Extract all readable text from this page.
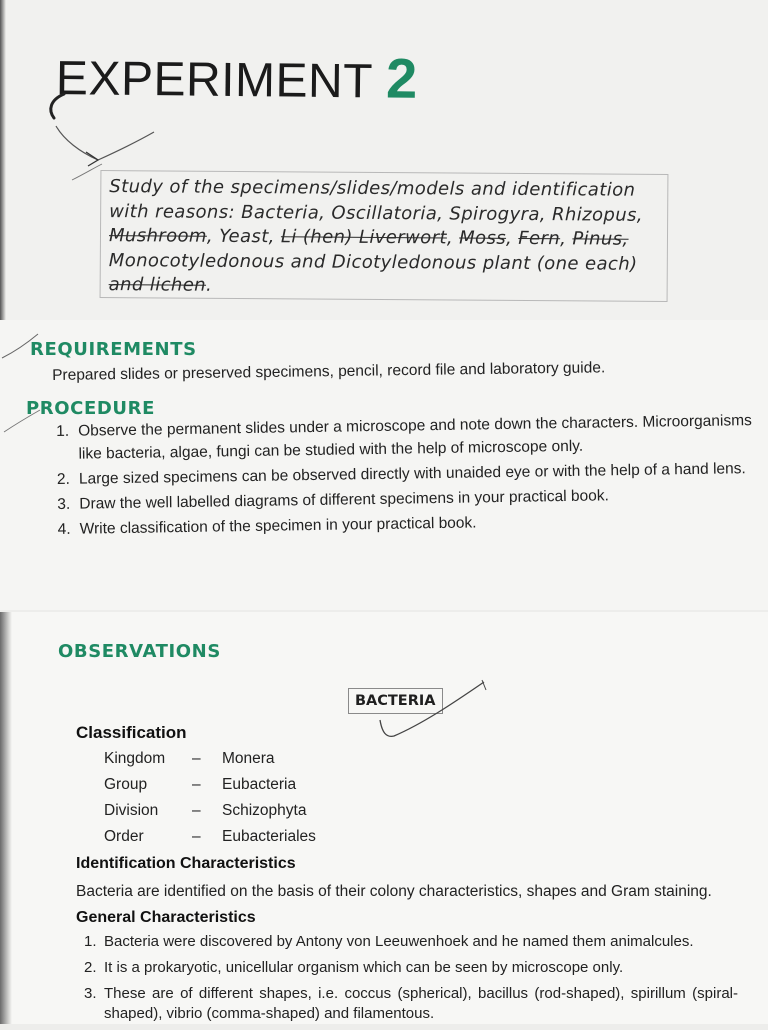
EXPERIMENT 2
Study of the specimens/slides/models and identification
with reasons: Bacteria, Oscillatoria, Spirogyra, Rhizopus,
Mushroom, Yeast, Li (hen) Liverwort, Moss, Fern, Pinus,
Monocotyledonous and Dicotyledonous plant (one each)
and lichen.
REQUIREMENTS

Prepared slides or preserved specimens, pencil, record file and laboratory guide.

PROCEDURE
1. Observe the permanent slides under a microscope and note down the characters. Microorganisms like bacteria, algae, fungi can be studied with the help of microscope only.
2. Large sized specimens can be observed directly with unaided eye or with the help of a hand lens.
3. Draw the well labelled diagrams of different specimens in your practical book.
4. Write classification of the specimen in your practical book.
OBSERVATIONS
BACTERIA
Classification
Kingdom	–	Monera
Group	–	Eubacteria
Division	–	Schizophyta
Order	–	Eubacteriales
Identification Characteristics

Bacteria are identified on the basis of their colony characteristics, shapes and Gram staining.

General Characteristics
1. Bacteria were discovered by Antony von Leeuwenhoek and he named them animalcules.
2. It is a prokaryotic, unicellular organism which can be seen by microscope only.
3. These are of different shapes, i.e. coccus (spherical), bacillus (rod-shaped), spirillum (spiral-shaped), vibrio (comma-shaped) and filamentous.
